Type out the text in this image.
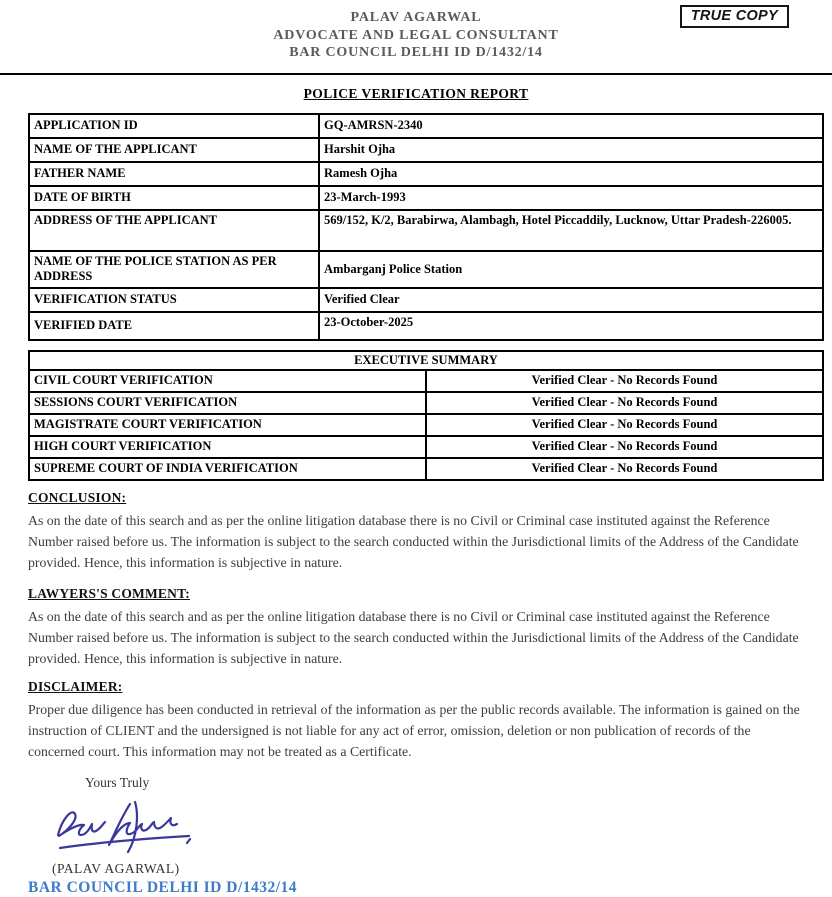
TRUE COPY
PALAV AGARWAL
ADVOCATE AND LEGAL CONSULTANT
BAR COUNCIL DELHI ID D/1432/14
POLICE VERIFICATION REPORT
APPLICATION ID	GQ-AMRSN-2340
NAME OF THE APPLICANT	Harshit Ojha
FATHER NAME	Ramesh Ojha
DATE OF BIRTH	23-March-1993
ADDRESS OF THE APPLICANT	569/152, K/2, Barabirwa, Alambagh, Hotel Piccaddily, Lucknow, Uttar Pradesh-226005.
NAME OF THE POLICE STATION AS PER ADDRESS	Ambarganj Police Station
VERIFICATION STATUS	Verified Clear
VERIFIED DATE	23-October-2025
EXECUTIVE SUMMARY	
CIVIL COURT VERIFICATION	Verified Clear - No Records Found
SESSIONS COURT VERIFICATION	Verified Clear - No Records Found
MAGISTRATE COURT VERIFICATION	Verified Clear - No Records Found
HIGH COURT VERIFICATION	Verified Clear - No Records Found
SUPREME COURT OF INDIA VERIFICATION	Verified Clear - No Records Found
CONCLUSION:

As on the date of this search and as per the online litigation database there is no Civil or Criminal case instituted against the Reference Number raised before us. The information is subject to the search conducted within the Jurisdictional limits of the Address of the Candidate provided. Hence, this information is subjective in nature.

LAWYERS'S COMMENT:

As on the date of this search and as per the online litigation database there is no Civil or Criminal case instituted against the Reference Number raised before us. The information is subject to the search conducted within the Jurisdictional limits of the Address of the Candidate provided. Hence, this information is subjective in nature.

DISCLAIMER:

Proper due diligence has been conducted in retrieval of the information as per the public records available. The information is gained on the instruction of CLIENT and the undersigned is not liable for any act of error, omission, deletion or non publication of records of the concerned court. This information may not be treated as a Certificate.

Yours Truly
(PALAV AGARWAL)
BAR COUNCIL DELHI ID D/1432/14
